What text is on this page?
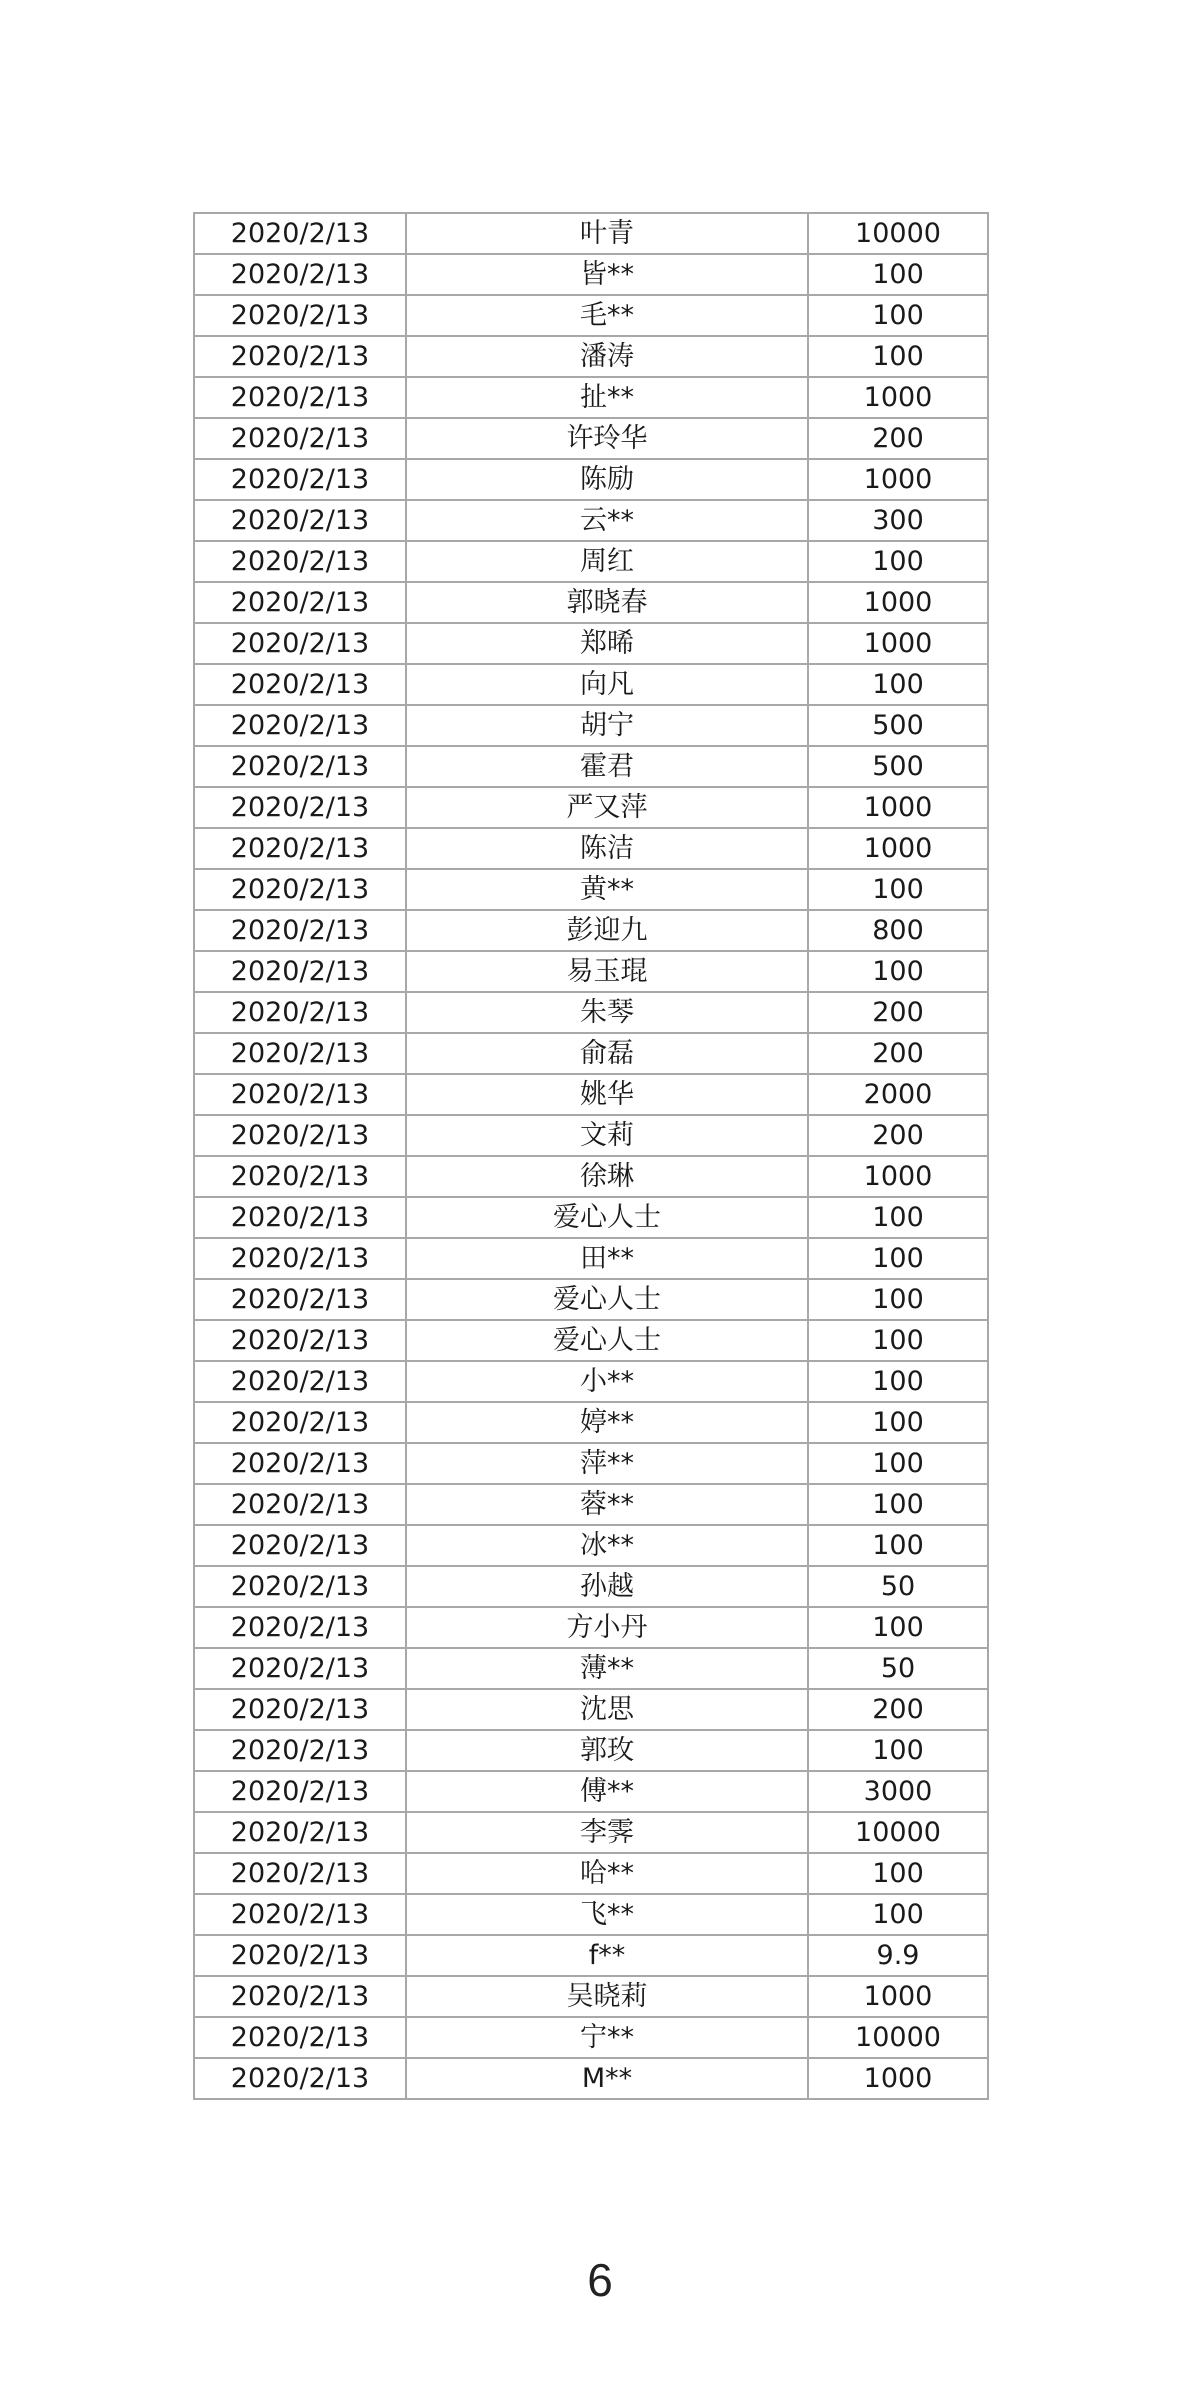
2020/2/13	叶青	10000
2020/2/13	皆**	100
2020/2/13	毛**	100
2020/2/13	潘涛	100
2020/2/13	扯**	1000
2020/2/13	许玲华	200
2020/2/13	陈励	1000
2020/2/13	云**	300
2020/2/13	周红	100
2020/2/13	郭晓春	1000
2020/2/13	郑晞	1000
2020/2/13	向凡	100
2020/2/13	胡宁	500
2020/2/13	霍君	500
2020/2/13	严又萍	1000
2020/2/13	陈洁	1000
2020/2/13	黄**	100
2020/2/13	彭迎九	800
2020/2/13	易玉琨	100
2020/2/13	朱琴	200
2020/2/13	俞磊	200
2020/2/13	姚华	2000
2020/2/13	文莉	200
2020/2/13	徐琳	1000
2020/2/13	爱心人士	100
2020/2/13	田**	100
2020/2/13	爱心人士	100
2020/2/13	爱心人士	100
2020/2/13	小**	100
2020/2/13	婷**	100
2020/2/13	萍**	100
2020/2/13	蓉**	100
2020/2/13	冰**	100
2020/2/13	孙越	50
2020/2/13	方小丹	100
2020/2/13	薄**	50
2020/2/13	沈思	200
2020/2/13	郭玫	100
2020/2/13	傅**	3000
2020/2/13	李霁	10000
2020/2/13	哈**	100
2020/2/13	飞**	100
2020/2/13	f**	9.9
2020/2/13	吴晓莉	1000
2020/2/13	宁**	10000
2020/2/13	M**	1000
6
